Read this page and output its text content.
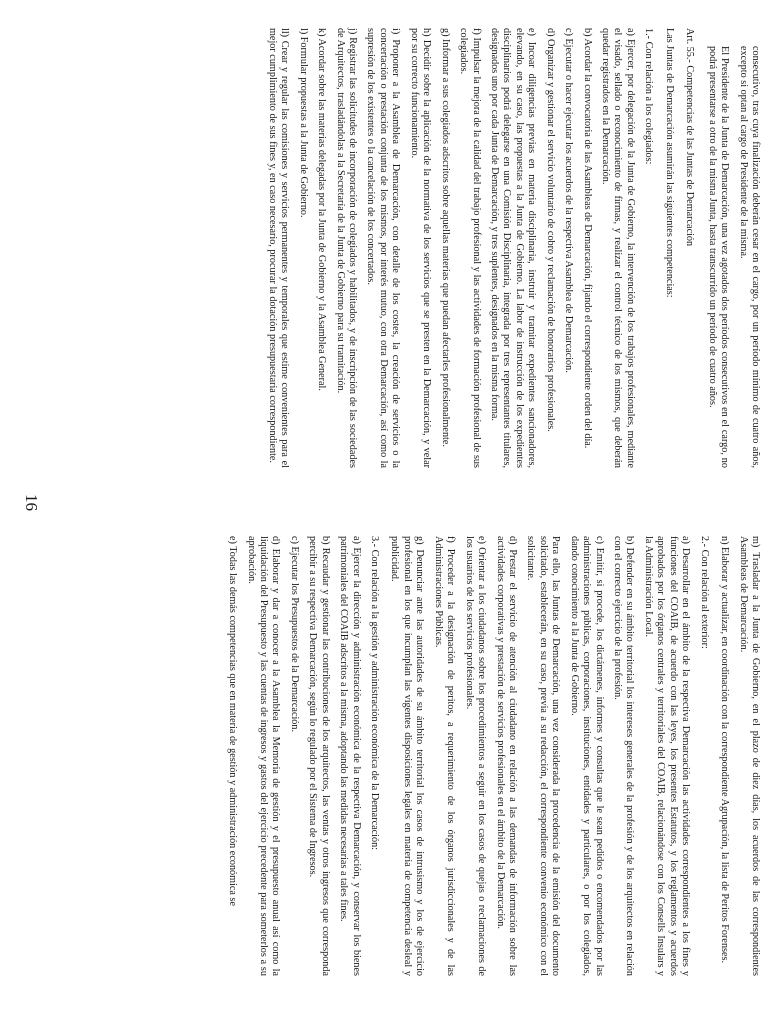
consecutivo, tras cuya finalización deberán cesar en el cargo, por un período mínimo de cuatro años, excepto si optan al cargo de Presidente de la misma.

El Presidente de la Junta de Demarcación, una vez agotados dos períodos consecutivos en el cargo, no podrá presentarse a otro de la misma Junta, hasta transcurrido un período de cuatro años.

Art. 55.- Competencias de las Juntas de Demarcación

Las Juntas de Demarcación asumirán las siguientes competencias:

1.- Con relación a los colegiados:

a) Ejercer, por delegación de la Junta de Gobierno, la intervención de los trabajos profesionales, mediante el visado, sellado o reconocimiento de firmas, y realizar el control técnico de los mismos, que deberán quedar registrados en la Demarcación.

b) Acordar la convocatoria de las Asambleas de Demarcación, fijando el correspondiente orden del día.

c) Ejecutar o hacer ejecutar los acuerdos de la respectiva Asamblea de Demarcación.

d) Organizar y gestionar el servicio voluntario de cobro y reclamación de honorarios profesionales.

e) Incoar diligencias previas en materia disciplinaria, instruir y tramitar expedientes sancionadores, elevando, en su caso, las propuestas a la Junta de Gobierno. La labor de instrucción de los expedientes disciplinarios podrá delegarse en una Comisión Disciplinaria, integrada por tres representantes titulares, designados uno por cada Junta de Demarcación, y tres suplentes, designados en la misma forma.

f) Impulsar la mejora de la calidad del trabajo profesional y las actividades de formación profesional de sus colegiados.

g) Informar a sus colegiados adscritos sobre aquellas materias que puedan afectarles profesionalmente.

h) Decidir sobre la aplicación de la normativa de los servicios que se presten en la Demarcación, y velar por su correcto funcionamiento.

i) Proponer a la Asamblea de Demarcación, con detalle de los costes, la creación de servicios o la concertación o prestación conjunta de los mismos, por interés mutuo, con otra Demarcación, así como la supresión de los existentes o la cancelación de los concertados.

j) Registrar las solicitudes de incorporación de colegiados y habilitados, y de inscripción de las sociedades de Arquitectos, trasladándolas a la Secretaría de la Junta de Gobierno para su tramitación.

k) Acordar sobre las materias delegadas por la Junta de Gobierno y la Asamblea General.

l) Formular propuestas a la Junta de Gobierno.

ll) Crear y regular las comisiones y servicios permanentes y temporales que estime convenientes para el mejor cumplimiento de sus fines y, en caso necesario, procurar la dotación presupuestaria correspondiente.

m) Trasladar a la Junta de Gobierno, en el plazo de diez días, los acuerdos de las correspondientes Asambleas de Demarcación.

n) Elaborar y actualizar, en coordinación con la correspondiente Agrupación, la lista de Peritos Forenses.

2.- Con relación al exterior:

a) Desarrollar en el ámbito de la respectiva Demarcación las actividades correspondientes a los fines y funciones del COAIB, de acuerdo con las leyes, los presentes Estatutos, y los reglamentos y acuerdos aprobados por los órganos centrales y territoriales del COAIB, relacionándose con los Consells Insulars y la Administración Local.

b) Defender en su ámbito territorial los intereses generales de la profesión y de los arquitectos en relación con el correcto ejercicio de la profesión.

c) Emitir, si procede, los dictámenes, informes y consultas que le sean pedidos o encomendados por las administraciones públicas, corporaciones, instituciones, entidades y particulares, o por los colegiados, dando conocimiento a la Junta de Gobierno.

Para ello, las Juntas de Demarcación, una vez considerada la procedencia de la emisión del documento solicitado, establecerán, en su caso, previa a su redacción, el correspondiente convenio económico con el solicitante.

d) Prestar el servicio de atención al ciudadano en relación a las demandas de información sobre las actividades corporativas y prestación de servicios profesionales en el ámbito de la Demarcación.

e) Orientar a los ciudadanos sobre los procedimientos a seguir en los casos de quejas o reclamaciones de los usuarios de los servicios profesionales.

f) Proceder a la designación de peritos, a requerimiento de los órganos jurisdiccionales y de las Administraciones Públicas.

g) Denunciar ante las autoridades de su ámbito territorial los casos de intrusismo y los de ejercicio profesional en los que incumplan las vigentes disposiciones legales en materia de competencia desleal y publicidad.

3.- Con relación a la gestión y administración económica de la Demarcación:

a) Ejercer la dirección y administración económica de la respectiva Demarcación, y conservar los bienes patrimoniales del COAIB adscritos a la misma, adoptando las medidas necesarias a tales fines.

b) Recaudar y gestionar las contribuciones de los arquitectos, las ventas y otros ingresos que corresponda percibir a su respectiva Demarcación, según lo regulado por el Sistema de Ingresos.

c) Ejecutar los Presupuestos de la Demarcación.

d) Elaborar y dar a conocer a la Asamblea la Memoria de gestión y el presupuesto anual así como la liquidación del Presupuesto y las cuentas de ingresos y gastos del ejercicio precedente para someterlos a su aprobación.

e) Todas las demás competencias que en materia de gestión y administración económica se

16
